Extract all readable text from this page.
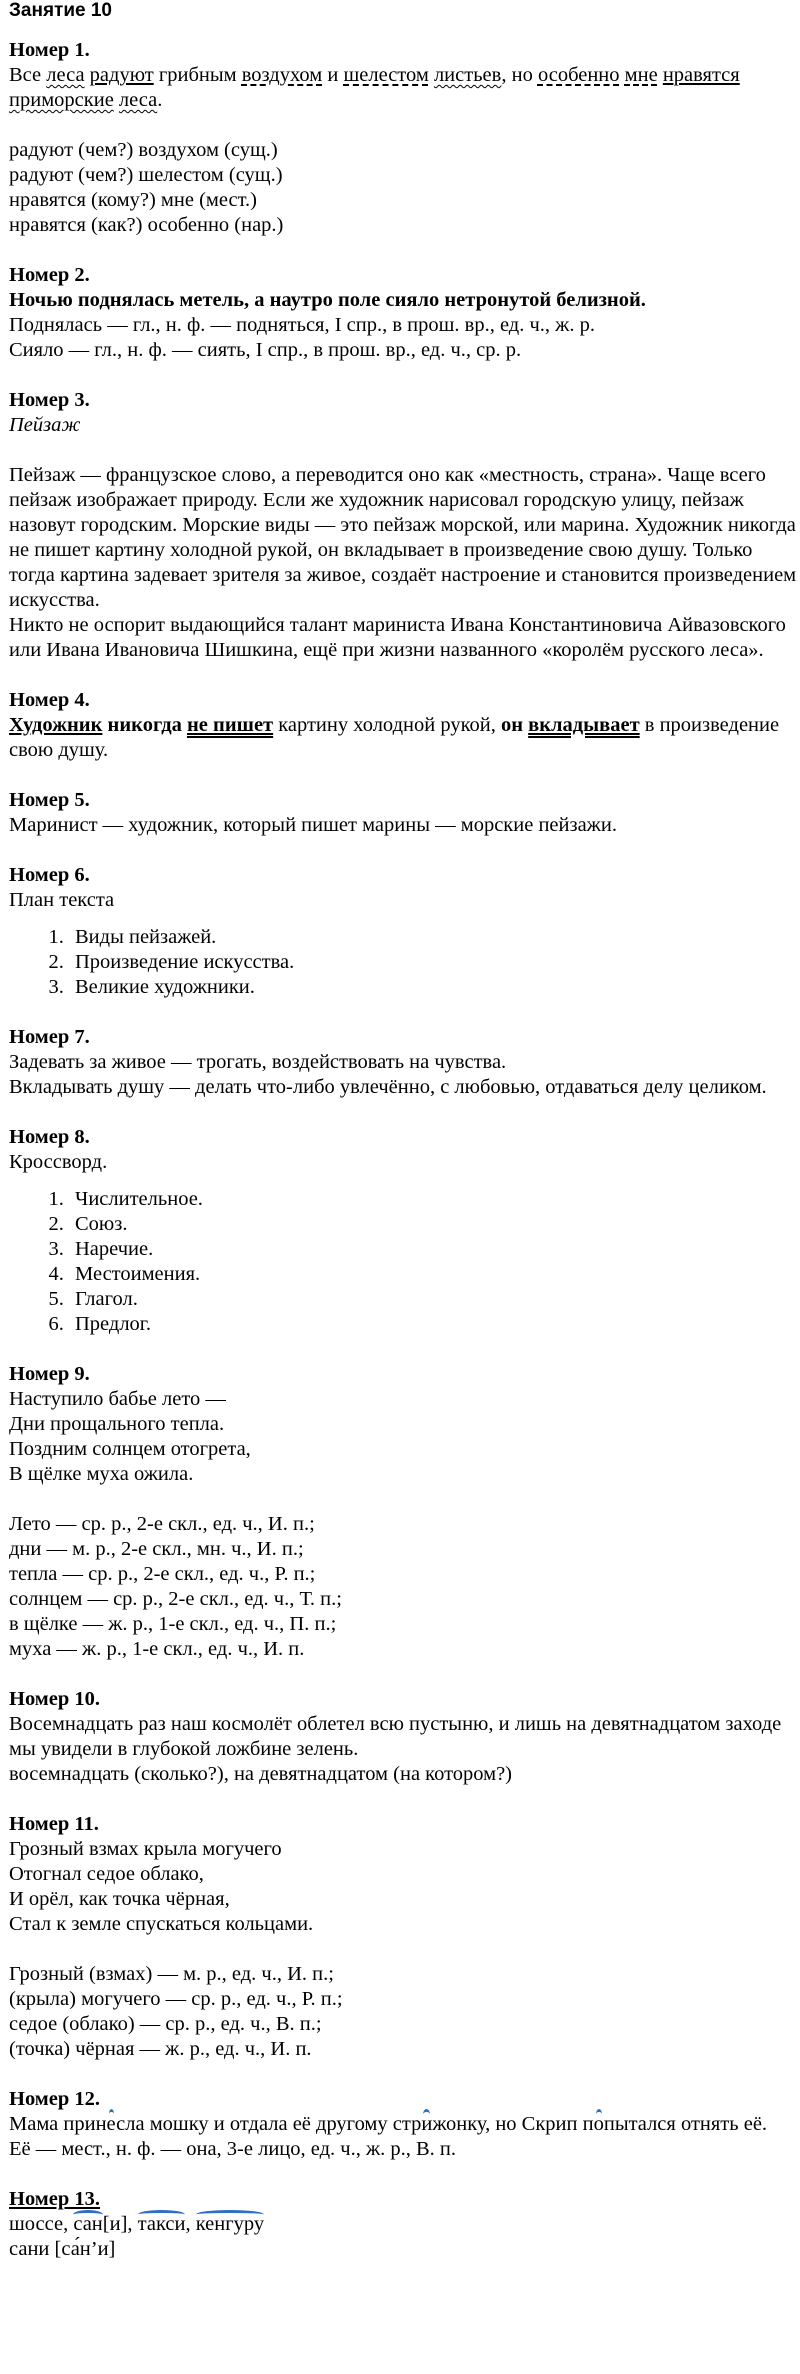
Занятие 10
Номер 1.
Все леса радуют грибным воздухом и шелестом листьев, но особенно мне нравятся приморские леса.
радуют (чем?) воздухом (сущ.)
радуют (чем?) шелестом (сущ.)
нравятся (кому?) мне (мест.)
нравятся (как?) особенно (нар.)
Номер 2.
Ночью поднялась метель, а наутро поле сияло нетронутой белизной.
Поднялась — гл., н. ф. — подняться, I спр., в прош. вр., ед. ч., ж. р.
Сияло — гл., н. ф. — сиять, I спр., в прош. вр., ед. ч., ср. р.
Номер 3.
Пейзаж
Пейзаж — французское слово, а переводится оно как «местность, страна». Чаще всего пейзаж изображает природу. Если же художник нарисовал городскую улицу, пейзаж назовут городским. Морские виды — это пейзаж морской, или марина. Художник никогда не пишет картину холодной рукой, он вкладывает в произведение свою душу. Только тогда картина задевает зрителя за живое, создаёт настроение и становится произведением искусства.
Никто не оспорит выдающийся талант мариниста Ивана Константиновича Айвазовского или Ивана Ивановича Шишкина, ещё при жизни названного «королём русского леса».
Номер 4.
Художник никогда не пишет картину холодной рукой, он вкладывает в произведение свою душу.
Номер 5.
Маринист — художник, который пишет марины — морские пейзажи.
Номер 6.
План текста
1. Виды пейзажей.
2. Произведение искусства.
3. Великие художники.
Номер 7.
Задевать за живое — трогать, воздействовать на чувства.
Вкладывать душу — делать что-либо увлечённо, с любовью, отдаваться делу целиком.
Номер 8.
Кроссворд.
1. Числительное.
2. Союз.
3. Наречие.
4. Местоимения.
5. Глагол.
6. Предлог.
Номер 9.
Наступило бабье лето —
Дни прощального тепла.
Поздним солнцем отогрета,
В щёлке муха ожила.
Лето — ср. р., 2-е скл., ед. ч., И. п.;
дни — м. р., 2-е скл., мн. ч., И. п.;
тепла — ср. р., 2-е скл., ед. ч., Р. п.;
солнцем — ср. р., 2-е скл., ед. ч., Т. п.;
в щёлке — ж. р., 1-е скл., ед. ч., П. п.;
муха — ж. р., 1-е скл., ед. ч., И. п.
Номер 10.
Восемнадцать раз наш космолёт облетел всю пустыню, и лишь на девятнадцатом заходе мы увидели в глубокой ложбине зелень.
восемнадцать (сколько?), на девятнадцатом (на котором?)
Номер 11.
Грозный взмах крыла могучего
Отогнал седое облако,
И орёл, как точка чёрная,
Стал к земле спускаться кольцами.
Грозный (взмах) — м. р., ед. ч., И. п.;
(крыла) могучего — ср. р., ед. ч., Р. п.;
седое (облако) — ср. р., ед. ч., В. п.;
(точка) чёрная — ж. р., ед. ч., И. п.
Номер 12.
Мама принесла мошку и отдала её другому стрижонку, но Скрип попытался отнять её.
Её — мест., н. ф. — она, 3-е лицо, ед. ч., ж. р., В. п.
Номер 13.
шоссе, сан[и], такси, кенгуру
сани [са́н’и]
